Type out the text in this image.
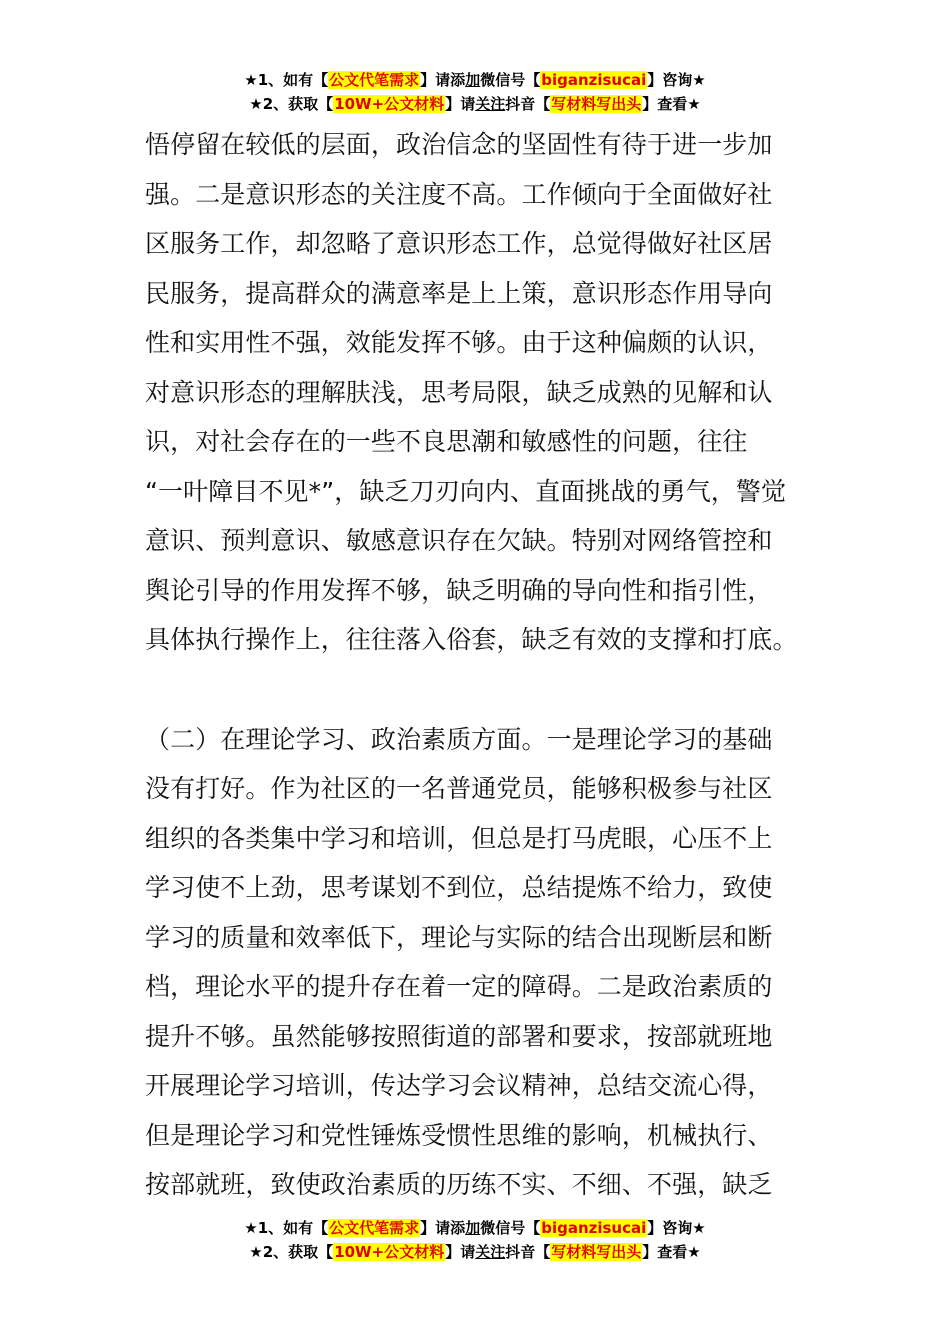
★1、如有【公文代笔需求】请添加微信号【biganzisucai】咨询★
★2、获取【10W+公文材料】请关注抖音【写材料写出头】查看★
悟停留在较低的层面，政治信念的坚固性有待于进一步加
强。二是意识形态的关注度不高。工作倾向于全面做好社
区服务工作，却忽略了意识形态工作，总觉得做好社区居
民服务，提高群众的满意率是上上策，意识形态作用导向
性和实用性不强，效能发挥不够。由于这种偏颇的认识，
对意识形态的理解肤浅，思考局限，缺乏成熟的见解和认
识，对社会存在的一些不良思潮和敏感性的问题，往往
“一叶障目不见*”，缺乏刀刃向内、直面挑战的勇气，警觉
意识、预判意识、敏感意识存在欠缺。特别对网络管控和
舆论引导的作用发挥不够，缺乏明确的导向性和指引性，
具体执行操作上，往往落入俗套，缺乏有效的支撑和打底。
（二）在理论学习、政治素质方面。一是理论学习的基础
没有打好。作为社区的一名普通党员，能够积极参与社区
组织的各类集中学习和培训，但总是打马虎眼，心压不上
学习使不上劲，思考谋划不到位，总结提炼不给力，致使
学习的质量和效率低下，理论与实际的结合出现断层和断
档，理论水平的提升存在着一定的障碍。二是政治素质的
提升不够。虽然能够按照街道的部署和要求，按部就班地
开展理论学习培训，传达学习会议精神，总结交流心得，
但是理论学习和党性锤炼受惯性思维的影响，机械执行、
按部就班，致使政治素质的历练不实、不细、不强，缺乏
★1、如有【公文代笔需求】请添加微信号【biganzisucai】咨询★
★2、获取【10W+公文材料】请关注抖音【写材料写出头】查看★
